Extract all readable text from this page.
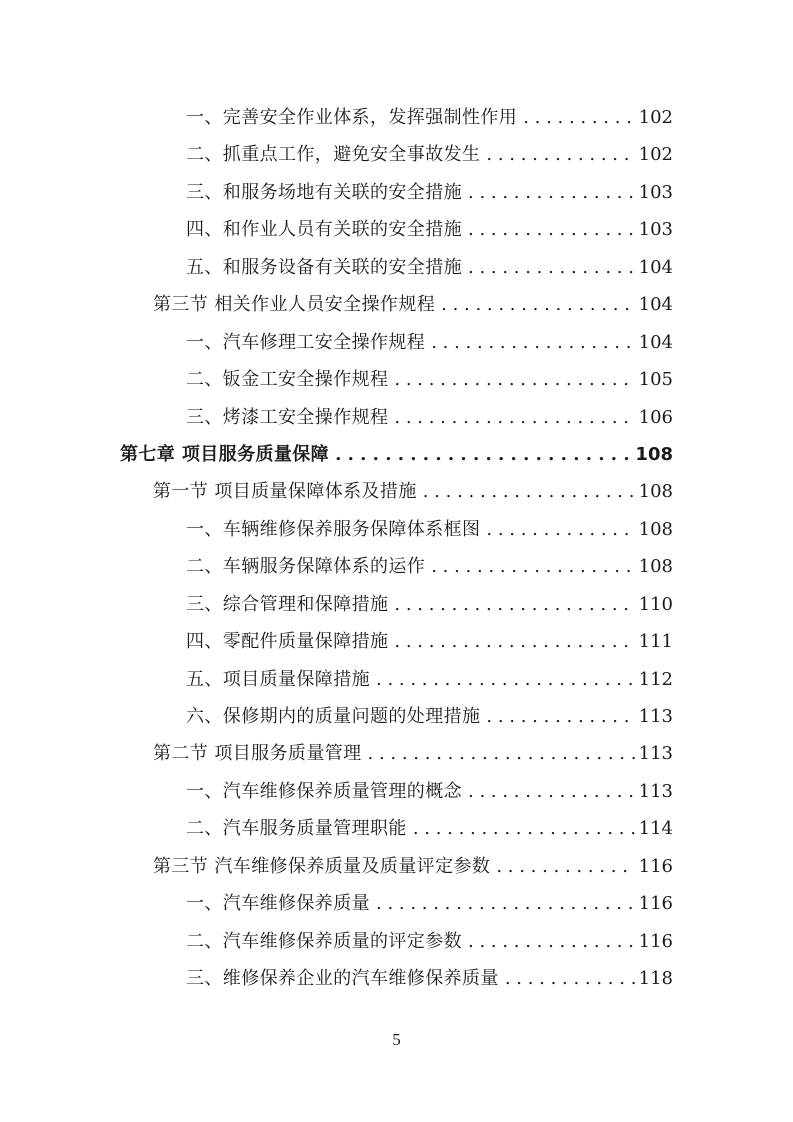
一、完善安全作业体系，发挥强制性作用 . . .	102
二、抓重点工作，避免安全事故发生 . . .	102
三、和服务场地有关联的安全措施 . . .	103
四、和作业人员有关联的安全措施 . . .	103
五、和服务设备有关联的安全措施 . . .	104
第三节 相关作业人员安全操作规程 . . .	104
一、汽车修理工安全操作规程 . . .	104
二、钣金工安全操作规程 . . .	105
三、烤漆工安全操作规程 . . .	106
第七章 项目服务质量保障 . . .	108
第一节 项目质量保障体系及措施 . . .	108
一、车辆维修保养服务保障体系框图 . . .	108
二、车辆服务保障体系的运作 . . .	108
三、综合管理和保障措施 . . .	110
四、零配件质量保障措施 . . .	111
五、项目质量保障措施 . . .	112
六、保修期内的质量问题的处理措施 . . .	113
第二节 项目服务质量管理 . . .	113
一、汽车维修保养质量管理的概念 . . .	113
二、汽车服务质量管理职能 . . .	114
第三节 汽车维修保养质量及质量评定参数 . . .	116
一、汽车维修保养质量 . . .	116
二、汽车维修保养质量的评定参数 . . .	116
三、维修保养企业的汽车维修保养质量 . . .	118
5
